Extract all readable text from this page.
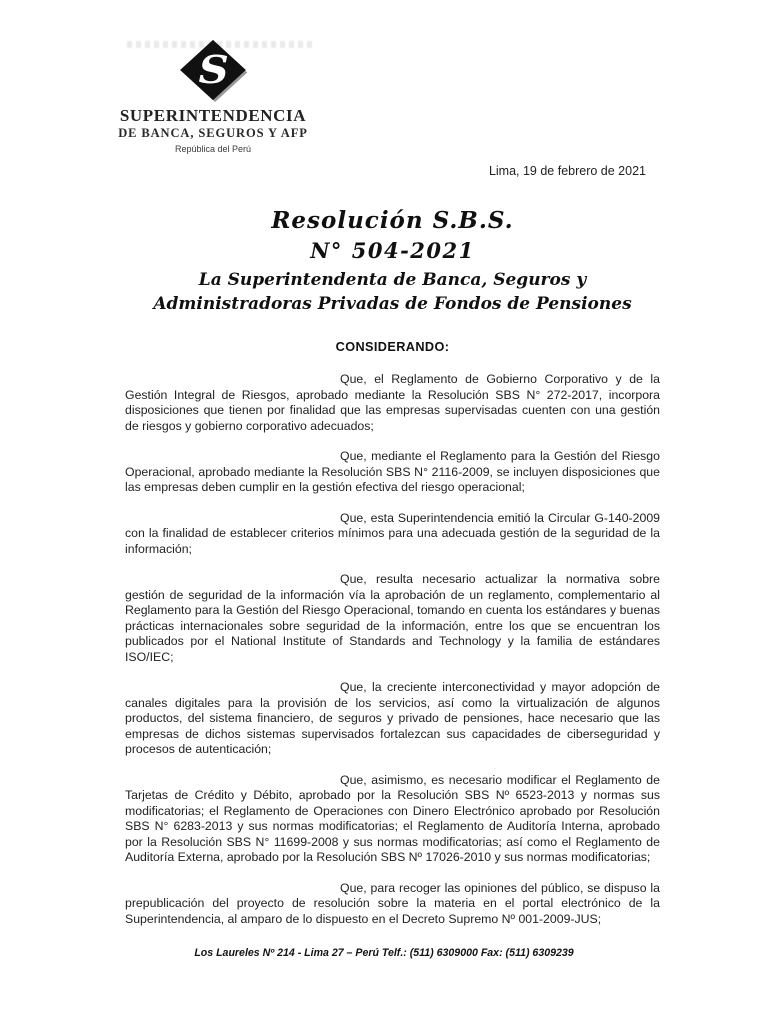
S
SUPERINTENDENCIA
DE BANCA, SEGUROS Y AFP
República del Perú
Lima, 19 de febrero de 2021
Resolución S.B.S.
N° 504-2021
La Superintendenta de Banca, Seguros y
Administradoras Privadas de Fondos de Pensiones
CONSIDERANDO:

Que, el Reglamento de Gobierno Corporativo y de la Gestión Integral de Riesgos, aprobado mediante la Resolución SBS N° 272-2017, incorpora disposiciones que tienen por finalidad que las empresas supervisadas cuenten con una gestión de riesgos y gobierno corporativo adecuados;

Que, mediante el Reglamento para la Gestión del Riesgo Operacional, aprobado mediante la Resolución SBS N° 2116-2009, se incluyen disposiciones que las empresas deben cumplir en la gestión efectiva del riesgo operacional;

Que, esta Superintendencia emitió la Circular G-140-2009 con la finalidad de establecer criterios mínimos para una adecuada gestión de la seguridad de la información;

Que, resulta necesario actualizar la normativa sobre gestión de seguridad de la información vía la aprobación de un reglamento, complementario al Reglamento para la Gestión del Riesgo Operacional, tomando en cuenta los estándares y buenas prácticas internacionales sobre seguridad de la información, entre los que se encuentran los publicados por el National Institute of Standards and Technology y la familia de estándares ISO/IEC;

Que, la creciente interconectividad y mayor adopción de canales digitales para la provisión de los servicios, así como la virtualización de algunos productos, del sistema financiero, de seguros y privado de pensiones, hace necesario que las empresas de dichos sistemas supervisados fortalezcan sus capacidades de ciberseguridad y procesos de autenticación;

Que, asimismo, es necesario modificar el Reglamento de Tarjetas de Crédito y Débito, aprobado por la Resolución SBS Nº 6523-2013 y normas sus modificatorias; el Reglamento de Operaciones con Dinero Electrónico aprobado por Resolución SBS N° 6283-2013 y sus normas modificatorias; el Reglamento de Auditoría Interna, aprobado por la Resolución SBS N° 11699-2008 y sus normas modificatorias; así como el Reglamento de Auditoría Externa, aprobado por la Resolución SBS Nº 17026-2010 y sus normas modificatorias;

Que, para recoger las opiniones del público, se dispuso la prepublicación del proyecto de resolución sobre la materia en el portal electrónico de la Superintendencia, al amparo de lo dispuesto en el Decreto Supremo Nº 001-2009-JUS;

Los Laureles Nº 214 - Lima 27 – Perú Telf.: (511) 6309000 Fax: (511) 6309239
